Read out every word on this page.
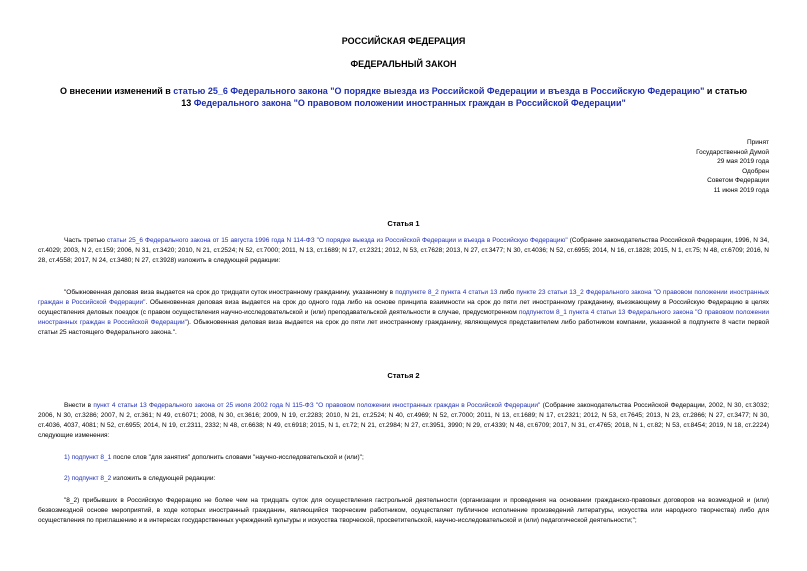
РОССИЙСКАЯ ФЕДЕРАЦИЯ
ФЕДЕРАЛЬНЫЙ ЗАКОН
О внесении изменений в статью 25_6 Федерального закона "О порядке выезда из Российской Федерации и въезда в Российскую Федерацию" и статью 13 Федерального закона "О правовом положении иностранных граждан в Российской Федерации"
Принят
Государственной Думой
29 мая 2019 года
Одобрен
Советом Федерации
11 июня 2019 года
Статья 1
Часть третью статьи 25_6 Федерального закона от 15 августа 1996 года N 114-ФЗ "О порядке выезда из Российской Федерации и въезда в Российскую Федерацию" (Собрание законодательства Российской Федерации, 1996, N 34, ст.4029; 2003, N 2, ст.159; 2006, N 31, ст.3420; 2010, N 21, ст.2524; N 52, ст.7000; 2011, N 13, ст.1689; N 17, ст.2321; 2012, N 53, ст.7628; 2013, N 27, ст.3477; N 30, ст.4036; N 52, ст.6955; 2014, N 16, ст.1828; 2015, N 1, ст.75; N 48, ст.6709; 2016, N 28, ст.4558; 2017, N 24, ст.3480; N 27, ст.3928) изложить в следующей редакции:
"Обыкновенная деловая виза выдается на срок до тридцати суток иностранному гражданину, указанному в подпункте 8_2 пункта 4 статьи 13 либо пункте 23 статьи 13_2 Федерального закона "О правовом положении иностранных граждан в Российской Федерации". Обыкновенная деловая виза выдается на срок до одного года либо на основе принципа взаимности на срок до пяти лет иностранному гражданину, въезжающему в Российскую Федерацию в целях осуществления деловых поездок (с правом осуществления научно-исследовательской и (или) преподавательской деятельности в случае, предусмотренном подпунктом 8_1 пункта 4 статьи 13 Федерального закона "О правовом положении иностранных граждан в Российской Федерации"). Обыкновенная деловая виза выдается на срок до пяти лет иностранному гражданину, являющемуся представителем либо работником компании, указанной в подпункте 8 части первой статьи 25 настоящего Федерального закона.".
Статья 2
Внести в пункт 4 статьи 13 Федерального закона от 25 июля 2002 года N 115-ФЗ "О правовом положении иностранных граждан в Российской Федерации" (Собрание законодательства Российской Федерации, 2002, N 30, ст.3032; 2006, N 30, ст.3286; 2007, N 2, ст.361; N 49, ст.6071; 2008, N 30, ст.3616; 2009, N 19, ст.2283; 2010, N 21, ст.2524; N 40, ст.4969; N 52, ст.7000; 2011, N 13, ст.1689; N 17, ст.2321; 2012, N 53, ст.7645; 2013, N 23, ст.2866; N 27, ст.3477; N 30, ст.4036, 4037, 4081; N 52, ст.6955; 2014, N 19, ст.2311, 2332; N 48, ст.6638; N 49, ст.6918; 2015, N 1, ст.72; N 21, ст.2984; N 27, ст.3951, 3990; N 29, ст.4339; N 48, ст.6709; 2017, N 31, ст.4765; 2018, N 1, ст.82; N 53, ст.8454; 2019, N 18, ст.2224) следующие изменения:
1) подпункт 8_1 после слов "для занятия" дополнить словами "научно-исследовательской и (или)";
2) подпункт 8_2 изложить в следующей редакции:
"8_2) прибывших в Российскую Федерацию не более чем на тридцать суток для осуществления гастрольной деятельности (организации и проведения на основании гражданско-правовых договоров на возмездной и (или) безвозмездной основе мероприятий, в ходе которых иностранный гражданин, являющийся творческим работником, осуществляет публичное исполнение произведений литературы, искусства или народного творчества) либо для осуществления по приглашению и в интересах государственных учреждений культуры и искусства творческой, просветительской, научно-исследовательской и (или) педагогической деятельности;";
